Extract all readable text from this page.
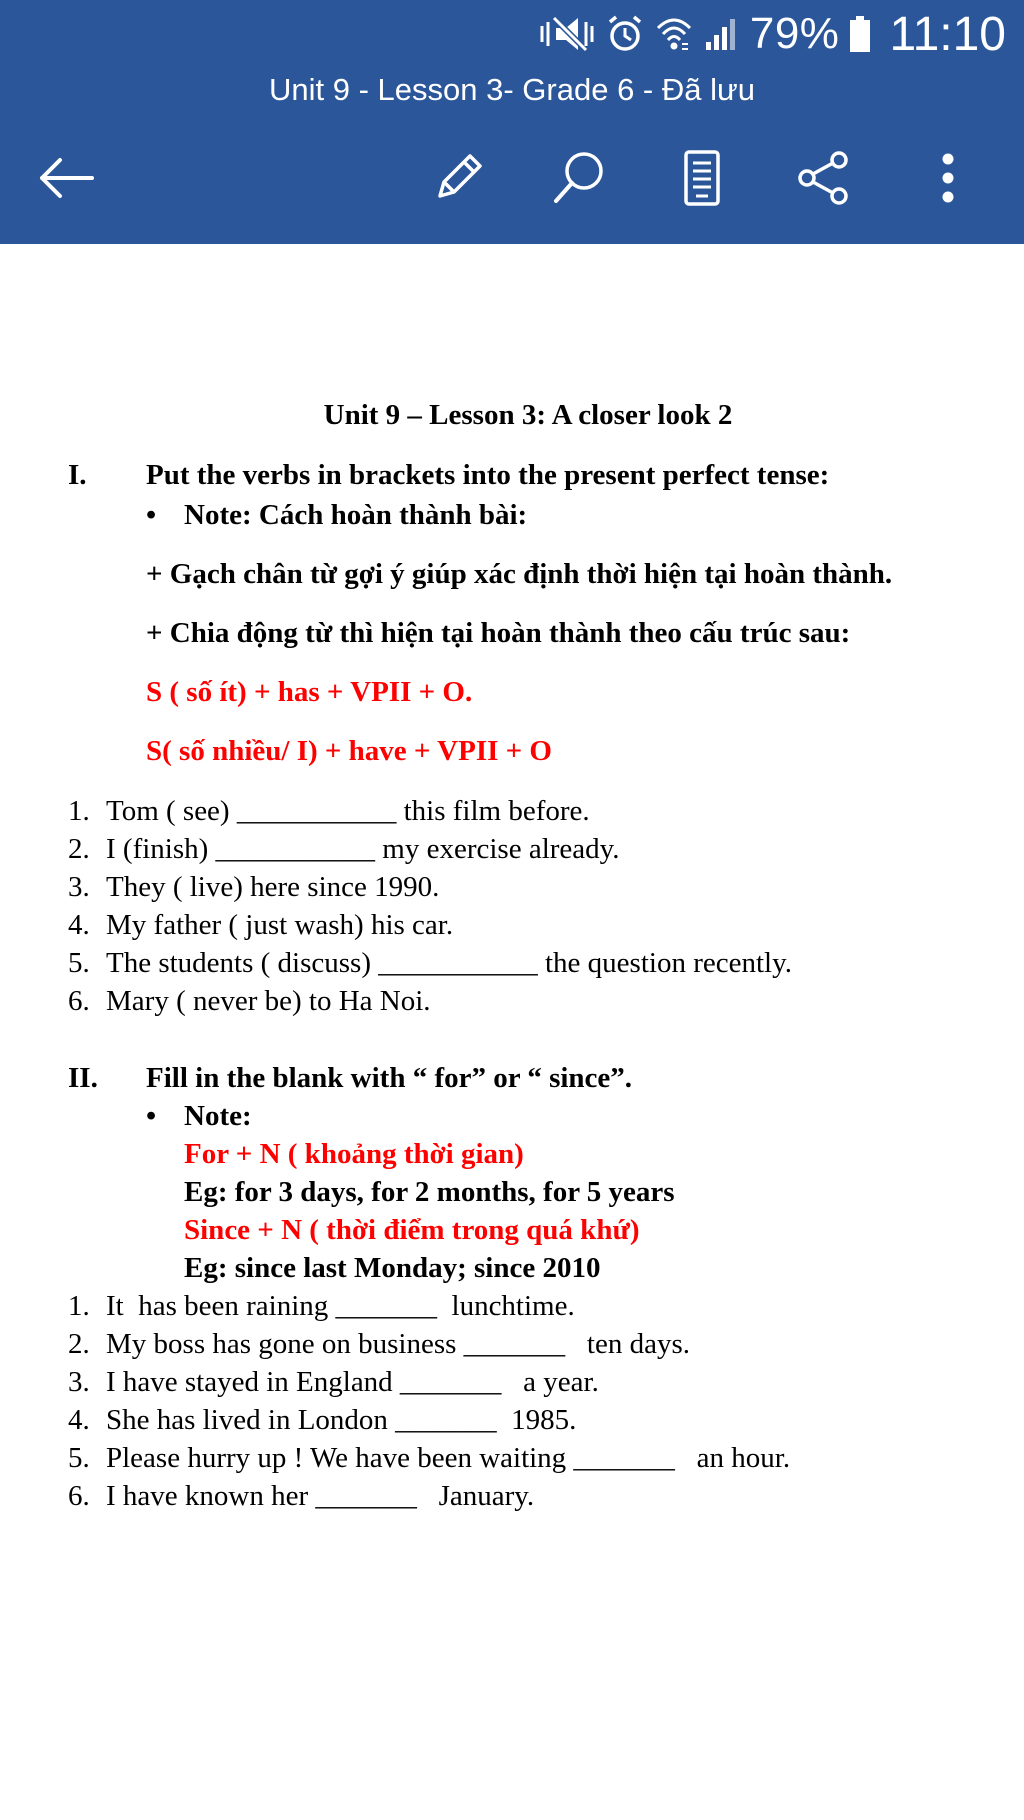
79% 11:10
Unit 9 - Lesson 3- Grade 6 - Đã lưu
Unit 9 – Lesson 3: A closer look 2
I. Put the verbs in brackets into the present perfect tense:
• Note: Cách hoàn thành bài:
+ Gạch chân từ gợi ý giúp xác định thời hiện tại hoàn thành.
+ Chia động từ thì hiện tại hoàn thành theo cấu trúc sau:
S ( số ít) + has + VPII + O.
S( số nhiều/ I) + have + VPII + O
1. Tom ( see) ___________ this film before.
2. I (finish) ___________ my exercise already.
3. They ( live) here since 1990.
4. My father ( just wash) his car.
5. The students ( discuss) ___________ the question recently.
6. Mary ( never be) to Ha Noi.
II. Fill in the blank with “ for” or “ since”.
• Note:
For + N ( khoảng thời gian)
Eg: for 3 days, for 2 months, for 5 years
Since + N ( thời điểm trong quá khứ)
Eg: since last Monday; since 2010
1. It  has been raining _______  lunchtime.
2. My boss has gone on business _______   ten days.
3. I have stayed in England _______   a year.
4. She has lived in London _______  1985.
5. Please hurry up ! We have been waiting _______   an hour.
6. I have known her _______   January.
